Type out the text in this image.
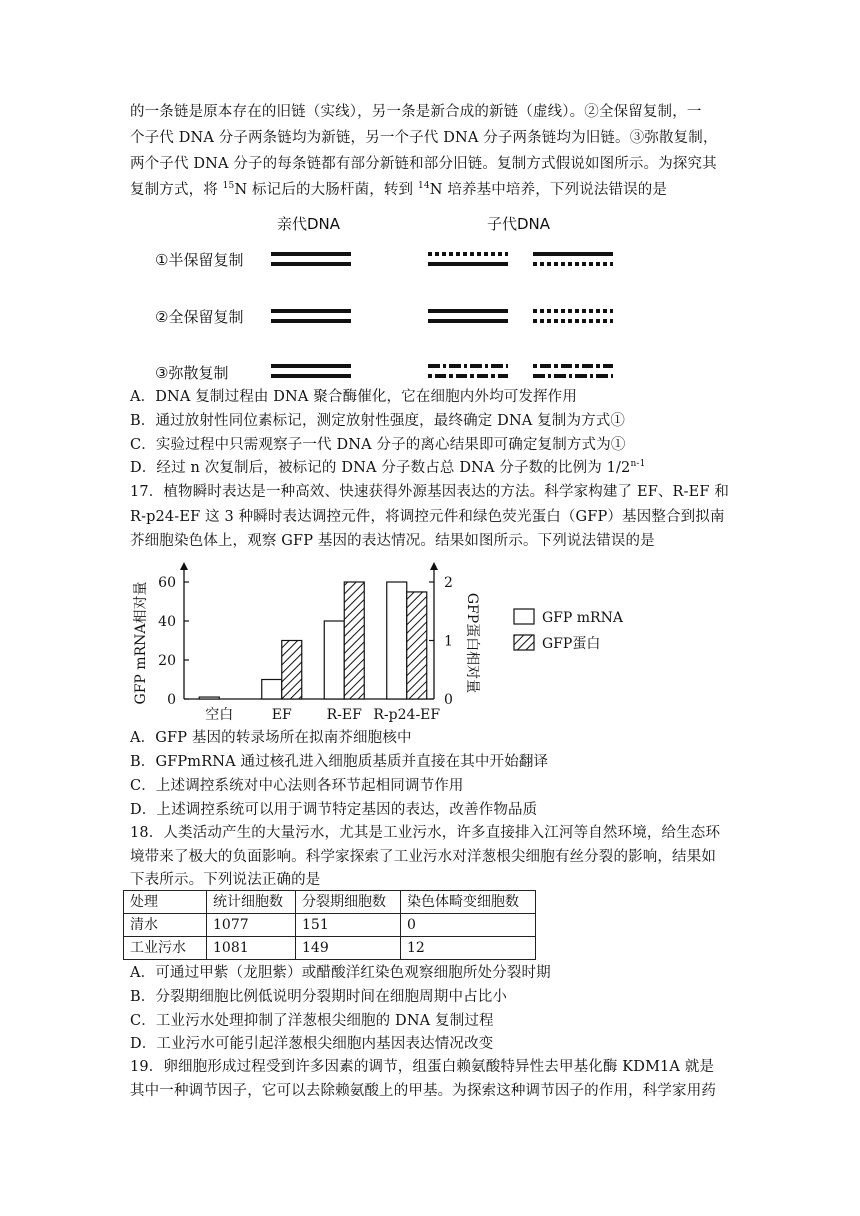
的一条链是原本存在的旧链（实线），另一条是新合成的新链（虚线）。②全保留复制，一
个子代 DNA 分子两条链均为新链，另一个子代 DNA 分子两条链均为旧链。③弥散复制，
两个子代 DNA 分子的每条链都有部分新链和部分旧链。复制方式假说如图所示。为探究其
复制方式，将 $^{15}$N 标记后的大肠杆菌，转到 $^{14}$N 培养基中培养，下列说法错误的是
亲代DNA	子代DNA
①半保留复制
②全保留复制
③弥散复制
A．DNA 复制过程由 DNA 聚合酶催化，它在细胞内外均可发挥作用
B．通过放射性同位素标记，测定放射性强度，最终确定 DNA 复制为方式①
C．实验过程中只需观察子一代 DNA 分子的离心结果即可确定复制方式为①
D．经过 n 次复制后，被标记的 DNA 分子数占总 DNA 分子数的比例为 1/2$^{n-1}$
17．植物瞬时表达是一种高效、快速获得外源基因表达的方法。科学家构建了 EF、R-EF 和
R-p24-EF 这 3 种瞬时表达调控元件，将调控元件和绿色荧光蛋白（GFP）基因整合到拟南
芥细胞染色体上，观察 GFP 基因的表达情况。结果如图所示。下列说法错误的是
0
20
40
60
0
1
2
空白	EF R-EF R-p24-EF
GFP mRNA相对量	GFP蛋白相对量	GFP mRNA
GFP蛋白
A．GFP 基因的转录场所在拟南芥细胞核中
B．GFPmRNA 通过核孔进入细胞质基质并直接在其中开始翻译
C．上述调控系统对中心法则各环节起相同调节作用
D．上述调控系统可以用于调节特定基因的表达，改善作物品质
18．人类活动产生的大量污水，尤其是工业污水，许多直接排入江河等自然环境，给生态环
境带来了极大的负面影响。科学家探索了工业污水对洋葱根尖细胞有丝分裂的影响，结果如
下表所示。下列说法正确的是
处理	统计细胞数	分裂期细胞数	染色体畸变细胞数
清水	1077	151	0
工业污水	1081	149	12
A．可通过甲紫（龙胆紫）或醋酸洋红染色观察细胞所处分裂时期
B．分裂期细胞比例低说明分裂期时间在细胞周期中占比小
C．工业污水处理抑制了洋葱根尖细胞的 DNA 复制过程
D．工业污水可能引起洋葱根尖细胞内基因表达情况改变
19．卵细胞形成过程受到许多因素的调节，组蛋白赖氨酸特异性去甲基化酶 KDM1A 就是
其中一种调节因子，它可以去除赖氨酸上的甲基。为探索这种调节因子的作用，科学家用药
